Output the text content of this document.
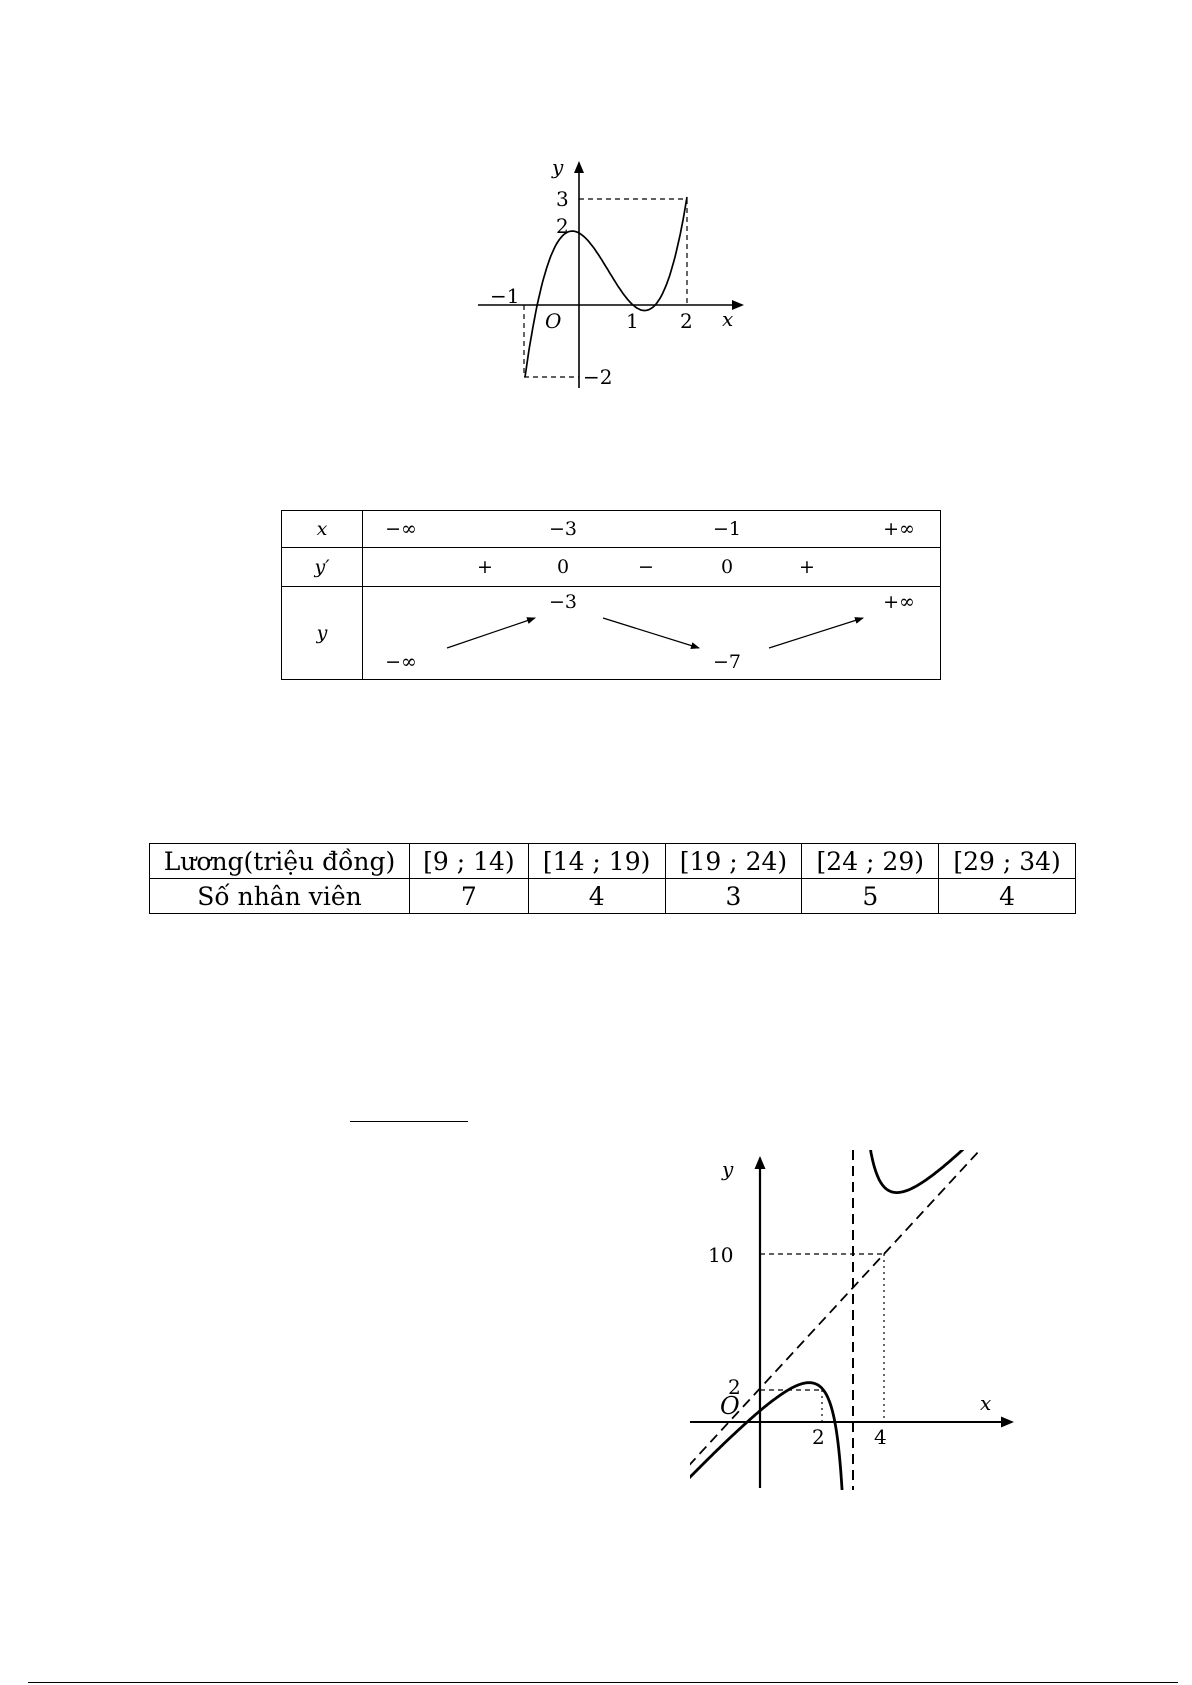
y
x
O
−1
1 2
3
2
−2
x	−∞ −3 −1 +∞

y′	+ 0 − 0 +

y	−∞
−3
−7
+∞
Lương(triệu đồng)	[9 ; 14)	[14 ; 19)	[19 ; 24)	[24 ; 29)	[29 ; 34)
Số nhân viên	7	4	3	5	4
y
x
O
2 4
10
2
